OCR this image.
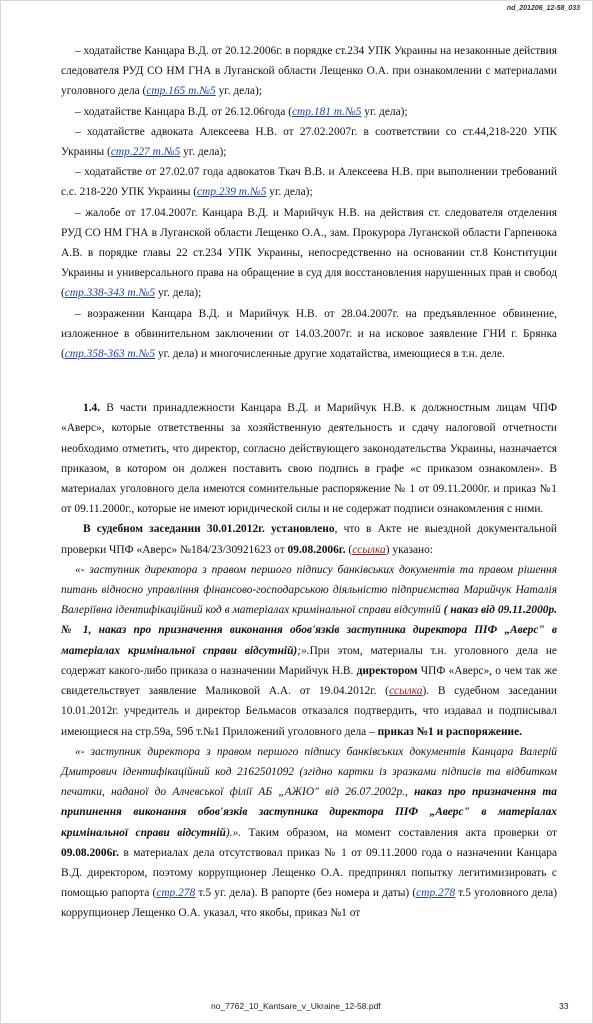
nd_201206_12-58_033

– ходатайстве Канцара В.Д. от 20.12.2006г. в порядке ст.234 УПК Украины на незаконные действия следователя РУД СО НМ ГНА в Луганской области Лещенко О.А. при ознакомлении с материалами уголовного дела (стр.165 т.№5 уг. дела);

– ходатайстве Канцара В.Д. от 26.12.06года (стр.181 т.№5 уг. дела);

– ходатайстве адвоката Алексеева Н.В. от 27.02.2007г. в соответствии со ст.44,218-220 УПК Украины (стр.227 т.№5 уг. дела);

– ходатайстве от 27.02.07 года адвокатов Ткач В.В. и Алексеева Н.В. при выполнении требований с.с. 218-220 УПК Украины (стр.239 т.№5 уг. дела);

– жалобе от 17.04.2007г. Канцара В.Д. и Марийчук Н.В. на действия ст. следователя отделения РУД СО НМ ГНА в Луганской области Лещенко О.А., зам. Прокурора Луганской области Гарпенюка А.В. в порядке главы 22 ст.234 УПК Украины, непосредственно на основании ст.8 Конституции Украины и универсального права на обращение в суд для восстановления нарушенных прав и свобод (стр.338-343 т.№5 уг. дела);

– возражении Канцара В.Д. и Марийчук Н.В. от 28.04.2007г. на предъявленное обвинение, изложенное в обвинительном заключении от 14.03.2007г. и на исковое заявление ГНИ г. Брянка (стр.358-363 т.№5 уг. дела) и многочисленные другие ходатайства, имеющиеся в т.н. деле.

1.4. В части принадлежности Канцара В.Д. и Марийчук Н.В. к должностным лицам ЧПФ «Аверс», которые ответственны за хозяйственную деятельность и сдачу налоговой отчетности необходимо отметить, что директор, согласно действующего законодательства Украины, назначается приказом, в котором он должен поставить свою подпись в графе «с приказом ознакомлен». В материалах уголовного дела имеются сомнительные распоряжение № 1 от 09.11.2000г. и приказ №1 от 09.11.2000г., которые не имеют юридической силы и не содержат подписи ознакомления с ними.

В судебном заседании 30.01.2012г. установлено, что в Акте не выездной документальной проверки ЧПФ «Аверс» №184/23/30921623 от 09.08.2006г. (ссылка) указано:

«- заступник директора з правом першого підпису банківських документів та правом рішення питань відносно управління фінансово-господарською діяльністю підприємства Марийчук Наталія Валеріївна ідентифікаційний код в матеріалах кримінальної справи відсутній ( наказ від 09.11.2000р. № 1, наказ про призначення виконання обов'язків заступника директора ПІФ „Аверс" в матеріалах кримінальної справи відсутній);».При этом, материалы т.н. уголовного дела не содержат какого-либо приказа о назначении Марийчук Н.В. директором ЧПФ «Аверс», о чем так же свидетельствует заявление Маликовой А.А. от 19.04.2012г. (ссылка). В судебном заседании 10.01.2012г. учредитель и директор Бельмасов отказался подтвердить, что издавал и подписывал имеющиеся на стр.59а, 59б т.№1 Приложений уголовного дела – приказ №1 и распоряжение.

«- заступник директора з правом першого підпису банківських документів Канцара Валерій Дмитрович ідентифікаційний код 2162501092 (згідно картки із зразками підписів та відбитком печатки, наданої до Алчевської філії АБ „АЖІО" від 26.07.2002р., наказ про призначення та припинення виконання обов'язків заступника директора ПІФ „Аверс" в матеріалах кримінальної справи відсутній).». Таким образом, на момент составления акта проверки от 09.08.2006г. в материалах дела отсутствовал приказ № 1 от 09.11.2000 года о назначении Канцара В.Д. директором, поэтому коррупционер Лещенко О.А. предпринял попытку легитимизировать с помощью рапорта (стр.278 т.5 уг. дела). В рапорте (без номера и даты) (стр.278 т.5 уголовного дела) коррупционер Лещенко О.А. указал, что якобы, приказ №1 от

no_7762_10_Kantsare_v_Ukraine_12-58.pdf	33
